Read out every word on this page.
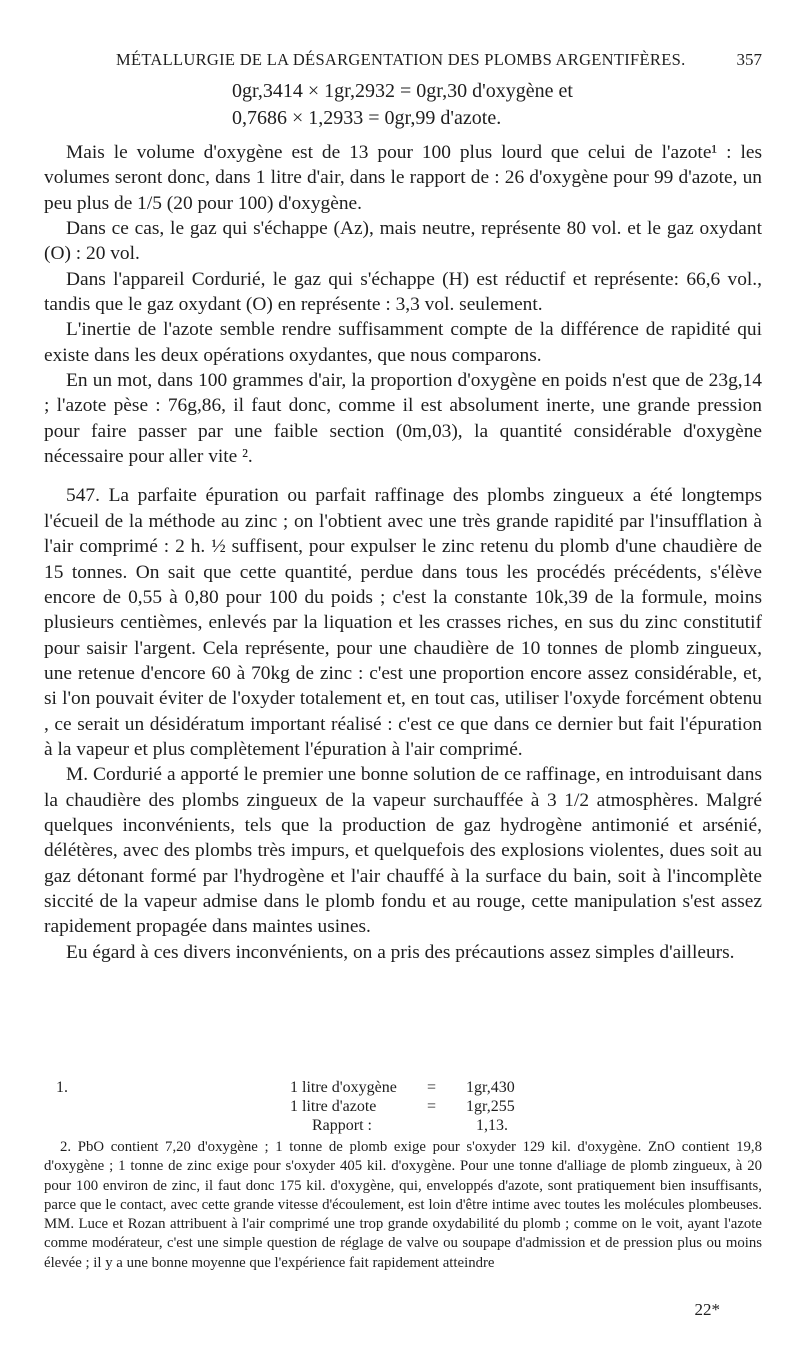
MÉTALLURGIE DE LA DÉSARGENTATION DES PLOMBS ARGENTIFÈRES.	357
0gr,3414 × 1gr,2932 = 0gr,30 d'oxygène et
0,7686 × 1,2933 = 0gr,99 d'azote.

Mais le volume d'oxygène est de 13 pour 100 plus lourd que celui de l'azote¹ : les volumes seront donc, dans 1 litre d'air, dans le rapport de : 26 d'oxygène pour 99 d'azote, un peu plus de 1/5 (20 pour 100) d'oxygène.

Dans ce cas, le gaz qui s'échappe (Az), mais neutre, représente 80 vol. et le gaz oxydant (O) : 20 vol.

Dans l'appareil Cordurié, le gaz qui s'échappe (H) est réductif et représente: 66,6 vol., tandis que le gaz oxydant (O) en représente : 3,3 vol. seulement.

L'inertie de l'azote semble rendre suffisamment compte de la différence de rapidité qui existe dans les deux opérations oxydantes, que nous comparons.

En un mot, dans 100 grammes d'air, la proportion d'oxygène en poids n'est que de 23g,14 ; l'azote pèse : 76g,86, il faut donc, comme il est absolument inerte, une grande pression pour faire passer par une faible section (0m,03), la quantité considérable d'oxygène nécessaire pour aller vite ².

547. La parfaite épuration ou parfait raffinage des plombs zingueux a été longtemps l'écueil de la méthode au zinc ; on l'obtient avec une très grande rapidité par l'insufflation à l'air comprimé : 2 h. ½ suffisent, pour expulser le zinc retenu du plomb d'une chaudière de 15 tonnes. On sait que cette quantité, perdue dans tous les procédés précédents, s'élève encore de 0,55 à 0,80 pour 100 du poids ; c'est la constante 10k,39 de la formule, moins plusieurs centièmes, enlevés par la liquation et les crasses riches, en sus du zinc constitutif pour saisir l'argent. Cela représente, pour une chaudière de 10 tonnes de plomb zingueux, une retenue d'encore 60 à 70kg de zinc : c'est une proportion encore assez considérable, et, si l'on pouvait éviter de l'oxyder totalement et, en tout cas, utiliser l'oxyde forcément obtenu , ce serait un désidératum important réalisé : c'est ce que dans ce dernier but fait l'épuration à la vapeur et plus complètement l'épuration à l'air comprimé.

M. Cordurié a apporté le premier une bonne solution de ce raffinage, en introduisant dans la chaudière des plombs zingueux de la vapeur surchauffée à 3 1/2 atmosphères. Malgré quelques inconvénients, tels que la production de gaz hydrogène antimonié et arsénié, délétères, avec des plombs très impurs, et quelquefois des explosions violentes, dues soit au gaz détonant formé par l'hydrogène et l'air chauffé à la surface du bain, soit à l'incomplète siccité de la vapeur admise dans le plomb fondu et au rouge, cette manipulation s'est assez rapidement propagée dans maintes usines.

Eu égard à ces divers inconvénients, on a pris des précautions assez simples d'ailleurs.

1.	1 litre d'oxygène = 1gr,430
1 litre d'azote	= 1gr,255
Rapport :	1,13.

2. PbO contient 7,20 d'oxygène ; 1 tonne de plomb exige pour s'oxyder 129 kil. d'oxygène. ZnO contient 19,8 d'oxygène ; 1 tonne de zinc exige pour s'oxyder 405 kil. d'oxygène. Pour une tonne d'alliage de plomb zingueux, à 20 pour 100 environ de zinc, il faut donc 175 kil. d'oxygène, qui, enveloppés d'azote, sont pratiquement bien insuffisants, parce que le contact, avec cette grande vitesse d'écoulement, est loin d'être intime avec toutes les molécules plombeuses. MM. Luce et Rozan attribuent à l'air comprimé une trop grande oxydabilité du plomb ; comme on le voit, ayant l'azote comme modérateur, c'est une simple question de réglage de valve ou soupape d'admission et de pression plus ou moins élevée ; il y a une bonne moyenne que l'expérience fait rapidement atteindre

22*
